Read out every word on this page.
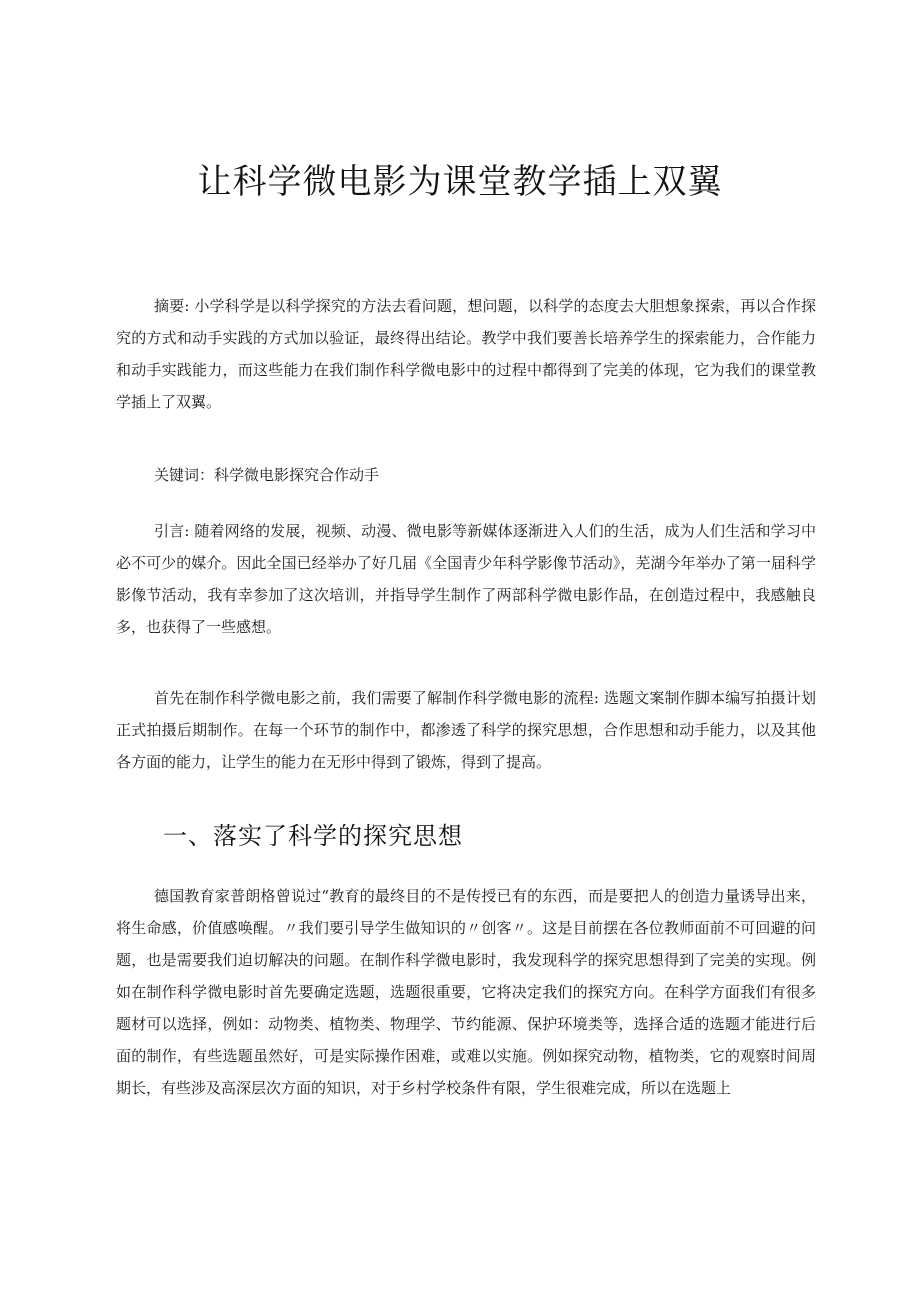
让科学微电影为课堂教学插上双翼

摘要: 小学科学是以科学探究的方法去看问题，想问题，以科学的态度去大胆想象探索，再以合作探究的方式和动手实践的方式加以验证，最终得出结论。教学中我们要善长培养学生的探索能力，合作能力和动手实践能力，而这些能力在我们制作科学微电影中的过程中都得到了完美的体现，它为我们的课堂教学插上了双翼。

关键词：科学微电影探究合作动手

引言: 随着网络的发展，视频、动漫、微电影等新媒体逐渐进入人们的生活，成为人们生活和学习中必不可少的媒介。因此全国已经举办了好几届《全国青少年科学影像节活动》，芜湖今年举办了第一届科学影像节活动，我有幸参加了这次培训，并指导学生制作了两部科学微电影作品，在创造过程中，我感触良多，也获得了一些感想。

首先在制作科学微电影之前，我们需要了解制作科学微电影的流程: 选题文案制作脚本编写拍摄计划正式拍摄后期制作。在每一个环节的制作中，都渗透了科学的探究思想，合作思想和动手能力，以及其他各方面的能力，让学生的能力在无形中得到了锻炼，得到了提高。

一、落实了科学的探究思想

德国教育家普朗格曾说过“教育的最终目的不是传授已有的东西，而是要把人的创造力量诱导出来，将生命感，价值感唤醒。〃我们要引导学生做知识的〃创客〃。这是目前摆在各位教师面前不可回避的问题，也是需要我们迫切解决的问题。在制作科学微电影时，我发现科学的探究思想得到了完美的实现。例如在制作科学微电影时首先要确定选题，选题很重要，它将决定我们的探究方向。在科学方面我们有很多题材可以选择，例如：动物类、植物类、物理学、节约能源、保护环境类等，选择合适的选题才能进行后面的制作，有些选题虽然好，可是实际操作困难，或难以实施。例如探究动物，植物类，它的观察时间周期长，有些涉及高深层次方面的知识，对于乡村学校条件有限，学生很难完成，所以在选题上
